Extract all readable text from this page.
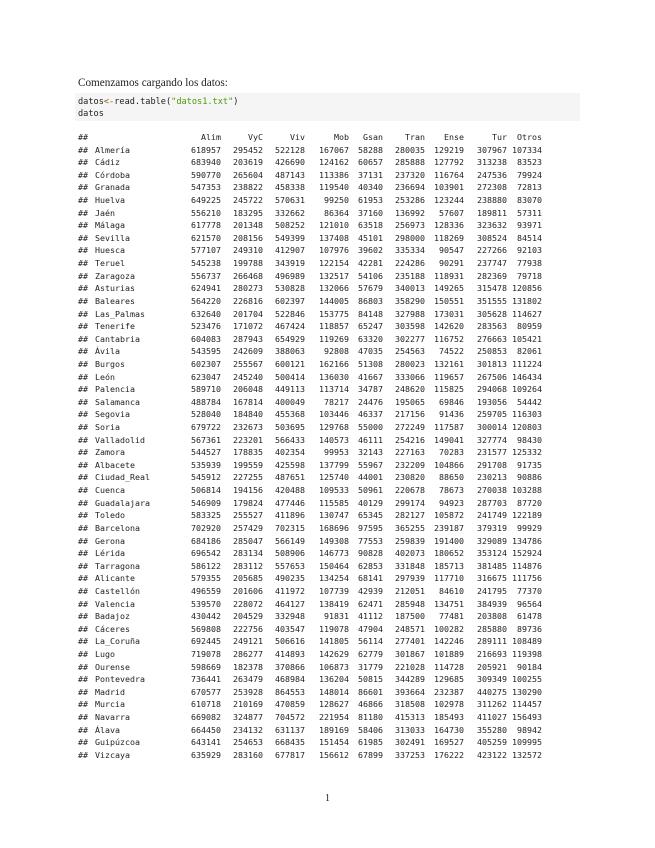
Comenzamos cargando los datos:
datos<-read.table("datos1.txt")
datos
##	Alim	VyC	Viv	Mob	Gsan	Tran	Ense	Tur	Otros
## Almería	618957	295452	522128	167067	58288	280035	129219	307967 107334
## Cádiz	683940	203619	426690	124162	60657	285888	127792	313238	83523
## Córdoba	590770	265604	487143	113386	37131	237320	116764	247536	79924
## Granada	547353	238822	458338	119540	40340	236694	103901	272308	72813
## Huelva	649225	245722	570631	99250	61953	253286	123244	238880	83070
## Jaén	556210	183295	332662	86364	37160	136992	57607	189811	57311
## Málaga	617778	201348	508252	121010	63518	256973	128336	323632	93971
## Sevilla	621570	208156	549399	137408	45101	298000	118269	308524	84514
## Huesca	577107	249310	412907	107976	39602	335334	90547	227266	92103
## Teruel	545238	199788	343919	122154	42281	224286	90291	237747	77938
## Zaragoza	556737	266468	496989	132517	54106	235188	118931	282369	79718
## Asturias	624941	280273	530828	132066	57679	340013	149265	315478 120856
## Baleares	564220	226816	602397	144005	86803	358290	150551	351555 131802
## Las_Palmas	632640	201704	522846	153775	84148	327988	173031	305628 114627
## Tenerife	523476	171072	467424	118857	65247	303598	142620	283563	80959
## Cantabria	604083	287943	654929	119269	63320	302277	116752	276663 105421
## Ávila	543595	242609	388063	92808	47035	254563	74522	250853	82061
## Burgos	602307	255567	600121	162166	51308	280023	132161	301813 111224
## León	623047	245240	500414	136030	41667	333066	119657	267506 146434
## Palencia	589710	206048	449113	113714	34787	248620	115825	294068 109264
## Salamanca	488784	167814	400049	78217	24476	195065	69846	193056	54442
## Segovia	528040	184840	455368	103446	46337	217156	91436	259705 116303
## Soria	679722	232673	503695	129768	55000	272249	117587	300014 120803
## Valladolid	567361	223201	566433	140573	46111	254216	149041	327774	98430
## Zamora	544527	178835	402354	99953	32143	227163	70283	231577 125332
## Albacete	535939	199559	425598	137799	55967	232209	104866	291708	91735
## Ciudad_Real	545912	227255	487651	125740	44001	230820	88650	230213	90886
## Cuenca	506814	194156	420488	109533	50961	220678	78673	270038 103288
## Guadalajara	546909	179824	477446	115585	40129	299174	94923	287703	87720
## Toledo	583325	255527	411896	130747	65345	282127	105872	241749 122189
## Barcelona	702920	257429	702315	168696	97595	365255	239187	379319	99929
## Gerona	684186	285047	566149	149308	77553	259839	191400	329089 134786
## Lérida	696542	283134	508906	146773	90828	402073	180652	353124 152924
## Tarragona	586122	283112	557653	150464	62853	331848	185713	381485 114876
## Alicante	579355	205685	490235	134254	68141	297939	117710	316675 111756
## Castellón	496559	201606	411972	107739	42939	212051	84610	241795	77370
## Valencia	539570	228072	464127	138419	62471	285948	134751	384939	96564
## Badajoz	430442	204529	332948	91831	41112	187500	77481	203808	61478
## Cáceres	569808	222756	403547	119078	47904	248571	100282	285880	89736
## La_Coruña	692445	249121	506616	141805	56114	277401	142246	289111 108489
## Lugo	719078	286277	414893	142629	62779	301867	101889	216693 119398
## Ourense	598669	182378	370866	106873	31779	221028	114728	205921	90184
## Pontevedra	736441	263479	468984	136204	50815	344289	129685	309349 100255
## Madrid	670577	253928	864553	148014	86601	393664	232387	440275 130290
## Murcia	610718	210169	470859	128627	46866	318508	102978	311262 114457
## Navarra	669082	324877	704572	221954	81180	415313	185493	411027 156493
## Álava	664450	234132	631137	189169	58406	313033	164730	355280	98942
## Guipúzcoa	643141	254653	668435	151454	61985	302491	169527	405259 109995
## Vizcaya	635929	283160	677817	156612	67899	337253	176222	423122 132572
1
